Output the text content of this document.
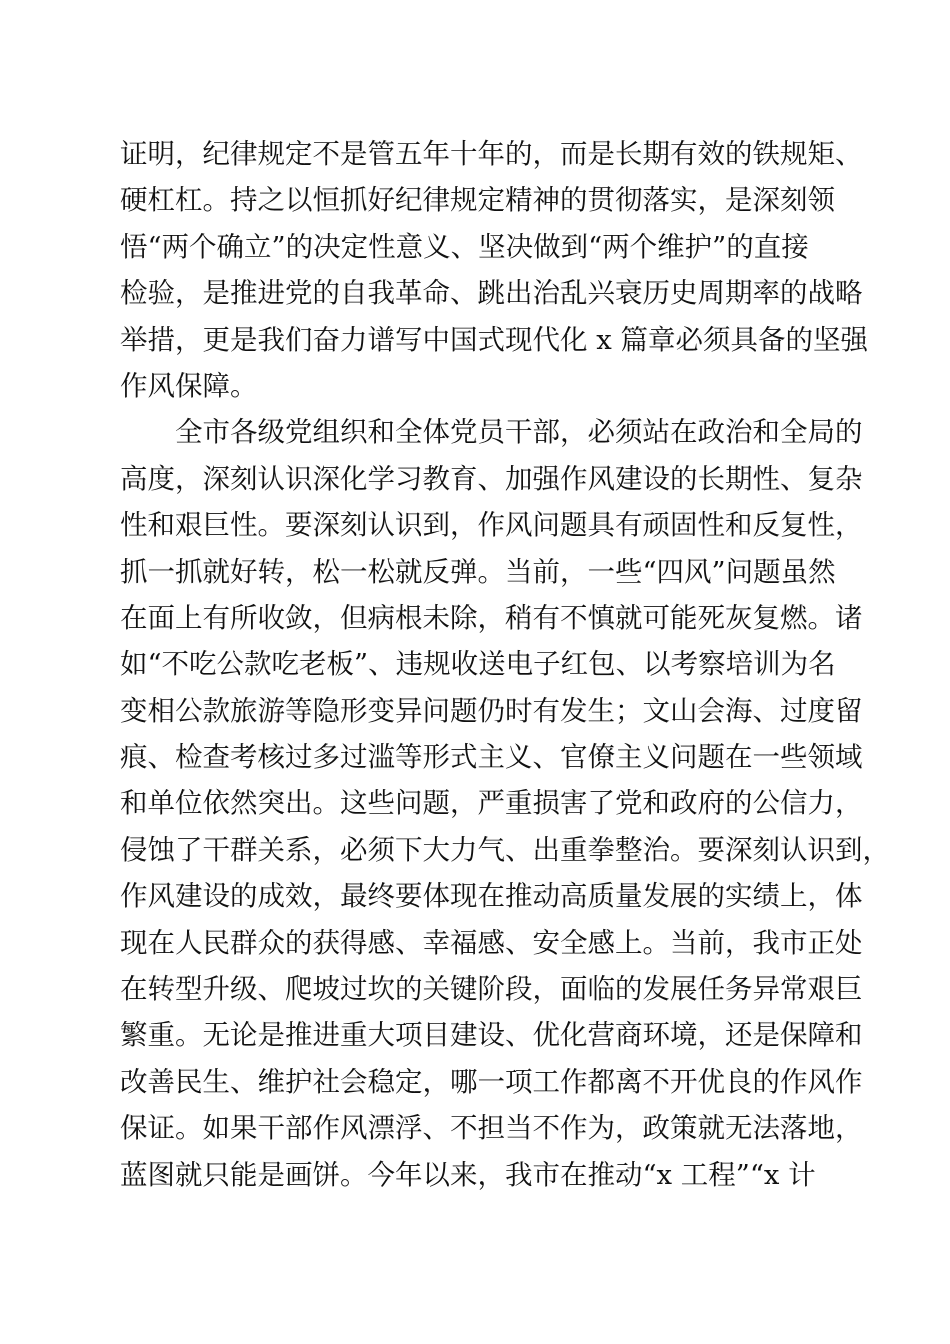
证明，纪律规定不是管五年十年的，而是长期有效的铁规矩、
硬杠杠。持之以恒抓好纪律规定精神的贯彻落实，是深刻领
悟“两个确立”的决定性意义、坚决做到“两个维护”的直接
检验，是推进党的自我革命、跳出治乱兴衰历史周期率的战略
举措，更是我们奋力谱写中国式现代化 x 篇章必须具备的坚强
作风保障。
全市各级党组织和全体党员干部，必须站在政治和全局的
高度，深刻认识深化学习教育、加强作风建设的长期性、复杂
性和艰巨性。要深刻认识到，作风问题具有顽固性和反复性，
抓一抓就好转，松一松就反弹。当前，一些“四风”问题虽然
在面上有所收敛，但病根未除，稍有不慎就可能死灰复燃。诸
如“不吃公款吃老板”、违规收送电子红包、以考察培训为名
变相公款旅游等隐形变异问题仍时有发生；文山会海、过度留
痕、检查考核过多过滥等形式主义、官僚主义问题在一些领域
和单位依然突出。这些问题，严重损害了党和政府的公信力，
侵蚀了干群关系，必须下大力气、出重拳整治。要深刻认识到，
作风建设的成效，最终要体现在推动高质量发展的实绩上，体
现在人民群众的获得感、幸福感、安全感上。当前，我市正处
在转型升级、爬坡过坎的关键阶段，面临的发展任务异常艰巨
繁重。无论是推进重大项目建设、优化营商环境，还是保障和
改善民生、维护社会稳定，哪一项工作都离不开优良的作风作
保证。如果干部作风漂浮、不担当不作为，政策就无法落地，
蓝图就只能是画饼。今年以来，我市在推动“x 工程”“x 计
